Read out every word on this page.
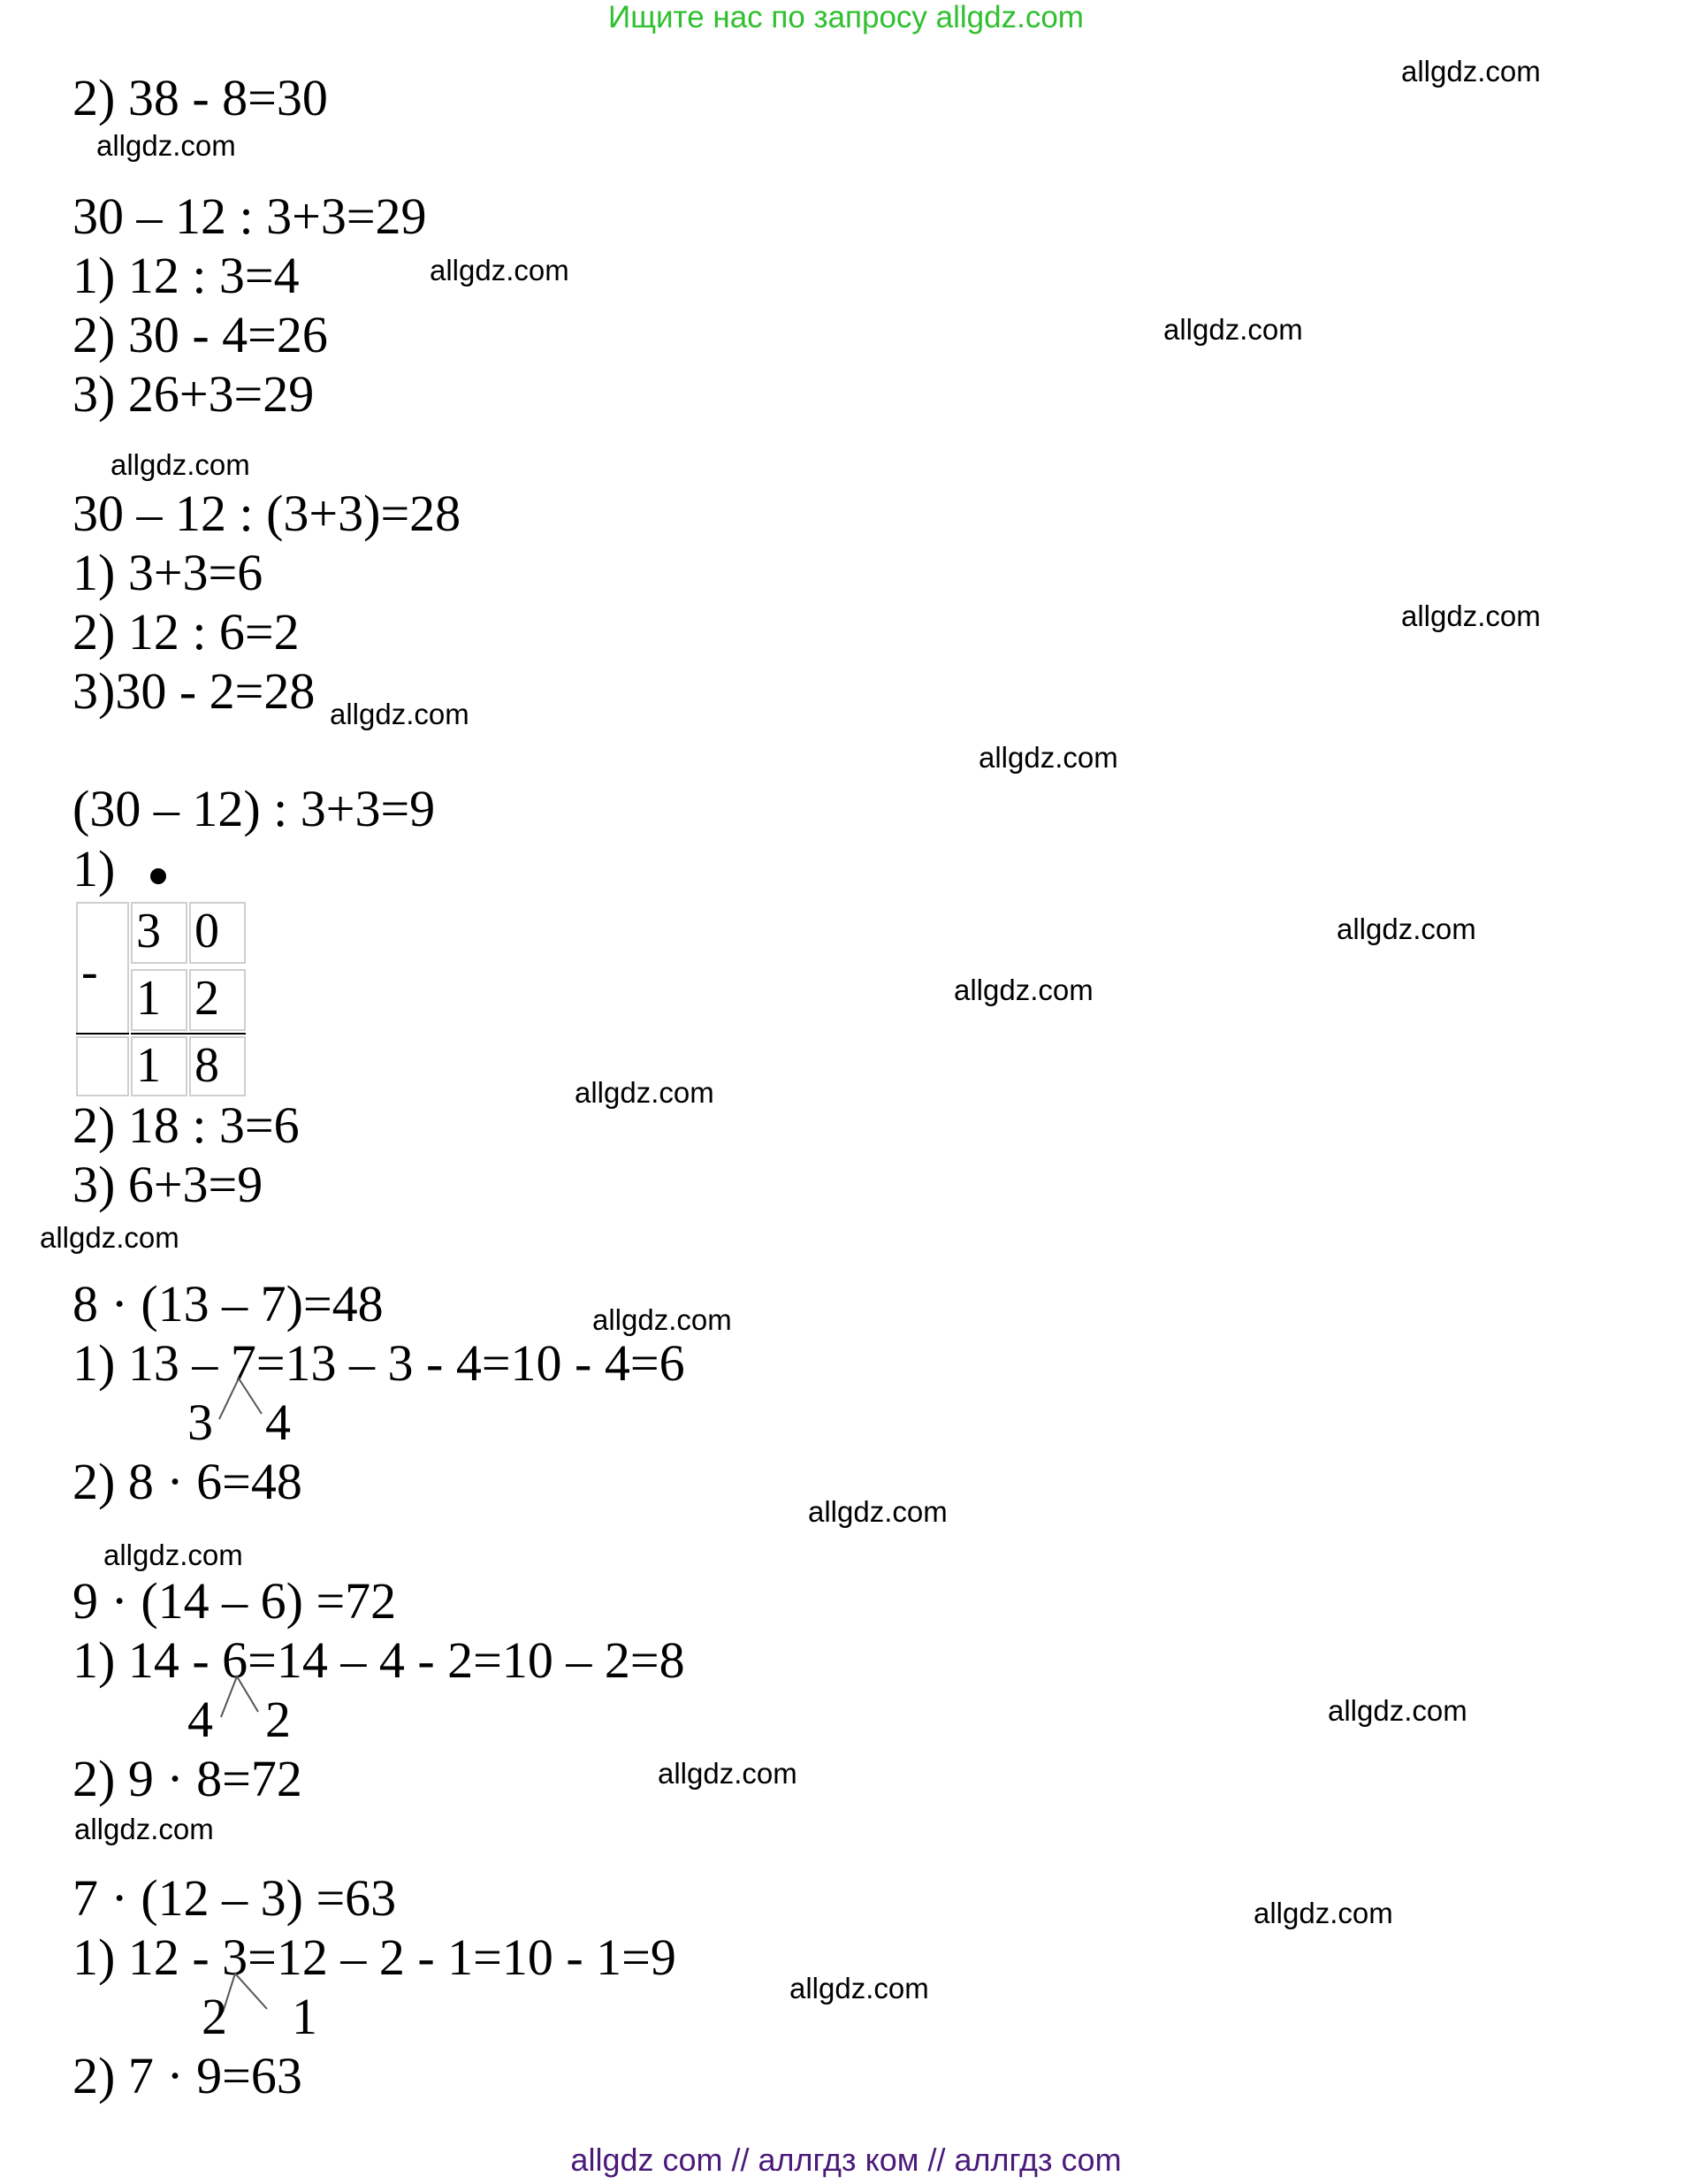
Ищите нас по запросу allgdz.com
allgdz.com
allgdz.com
allgdz.com
allgdz.com
allgdz.com
allgdz.com
allgdz.com
allgdz.com
allgdz.com
allgdz.com
allgdz.com
allgdz.com
allgdz.com
allgdz.com
allgdz.com
allgdz.com
allgdz.com
allgdz.com
allgdz.com
allgdz.com
2) 38 - 8=30
30 – 12 : 3+3=29
1) 12 : 3=4
2) 30 - 4=26
3) 26+3=29
30 – 12 : (3+3)=28
1) 3+3=6
2) 12 : 6=2
3)30 - 2=28
(30 – 12) : 3+3=9
1)
-
3 0
1 2
1 8
2) 18 : 3=6
3) 6+3=9
8 · (13 – 7)=48
1) 13 – 7=13 – 3 - 4=10 - 4=6
3 4
2) 8 · 6=48
9 · (14 – 6) =72
1) 14 - 6=14 – 4 - 2=10 – 2=8
4 2
2) 9 · 8=72
7 · (12 – 3) =63
1) 12 - 3=12 – 2 - 1=10 - 1=9
2 1
2) 7 · 9=63
allgdz com // аллгдз ком // аллгдз com
